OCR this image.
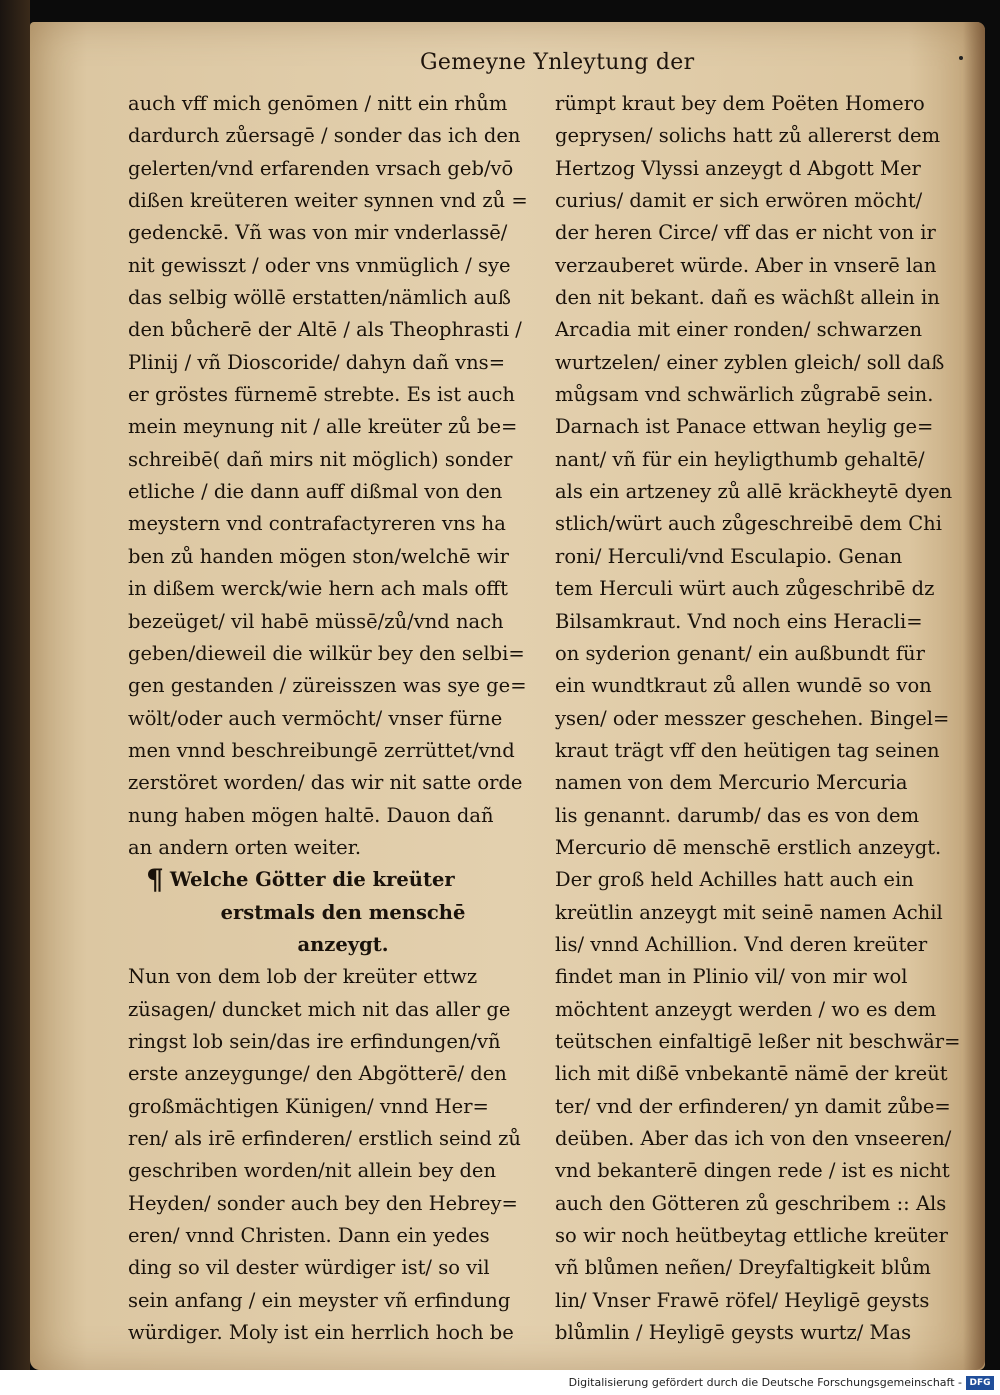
Gemeyne Ynleytung der
auch vff mich genōmen / nitt ein rhům
dardurch zůersagē / sonder das ich den
gelerten/vnd erfarenden vrsach geb/vō
dißen kreüteren weiter synnen vnd zů =
gedenckē. Vñ was von mir vnderlassē/
nit gewisszt / oder vns vnmüglich / sye
das selbig wöllē erstatten/nämlich auß
den bůcherē der Altē / als Theophrasti /
Plinij / vñ Dioscoride/ dahyn dañ vns=
er gröstes fürnemē strebte. Es ist auch
mein meynung nit / alle kreüter zů be=
schreibē( dañ mirs nit möglich) sonder
etliche / die dann auff dißmal von den
meystern vnd contrafactyreren vns ha
ben zů handen mögen ston/welchē wir
in dißem werck/wie hern ach mals offt
bezeüget/ vil habē müssē/zů/vnd nach
geben/dieweil die wilkür bey den selbi=
gen gestanden / züreisszen was sye ge=
wölt/oder auch vermöcht/ vnser fürne
men vnnd beschreibungē zerrüttet/vnd
zerstöret worden/ das wir nit satte orde
nung haben mögen haltē. Dauon dañ
an andern orten weiter.
¶ Welche Götter die kreüter
erstmals den menschē
anzeygt.
Nun von dem lob der kreüter ettwz
züsagen/ duncket mich nit das aller ge
ringst lob sein/das ire erfindungen/vñ
erste anzeygunge/ den Abgötterē/ den
großmächtigen Künigen/ vnnd Her=
ren/ als irē erfinderen/ erstlich seind zů
geschriben worden/nit allein bey den
Heyden/ sonder auch bey den Hebrey=
eren/ vnnd Christen. Dann ein yedes
ding so vil dester würdiger ist/ so vil
sein anfang / ein meyster vñ erfindung
würdiger. Moly ist ein herrlich hoch be
rümpt kraut bey dem Poëten Homero
geprysen/ solichs hatt zů allererst dem
Hertzog Vlyssi anzeygt d Abgott Mer
curius/ damit er sich erwören möcht/
der heren Circe/ vff das er nicht von ir
verzauberet würde. Aber in vnserē lan
den nit bekant. dañ es wächßt allein in
Arcadia mit einer ronden/ schwarzen
wurtzelen/ einer zyblen gleich/ soll daß
můgsam vnd schwärlich zůgrabē sein.
Darnach ist Panace ettwan heylig ge=
nant/ vñ für ein heyligthumb gehaltē/
als ein artzeney zů allē kräckheytē dyen
stlich/würt auch zůgeschreibē dem Chi
roni/ Herculi/vnd Esculapio. Genan
tem Herculi würt auch zůgeschribē dz
Bilsamkraut. Vnd noch eins Heracli=
on syderion genant/ ein außbundt für
ein wundtkraut zů allen wundē so von
ysen/ oder messzer geschehen. Bingel=
kraut trägt vff den heütigen tag seinen
namen von dem Mercurio Mercuria
lis genannt. darumb/ das es von dem
Mercurio dē menschē erstlich anzeygt.
Der groß held Achilles hatt auch ein
kreütlin anzeygt mit seinē namen Achil
lis/ vnnd Achillion. Vnd deren kreüter
findet man in Plinio vil/ von mir wol
möchtent anzeygt werden / wo es dem
teütschen einfaltigē leßer nit beschwär=
lich mit dißē vnbekantē nämē der kreüt
ter/ vnd der erfinderen/ yn damit zůbe=
deüben. Aber das ich von den vnseeren/
vnd bekanterē dingen rede / ist es nicht
auch den Götteren zů geschribem :: Als
so wir noch heütbeytag ettliche kreüter
vñ blůmen neñen/ Dreyfaltigkeit blům
lin/ Vnser Frawē röfel/ Heyligē geysts
blůmlin / Heyligē geysts wurtz/ Mas
Digitalisierung gefördert durch die Deutsche Forschungsgemeinschaft - DFG
